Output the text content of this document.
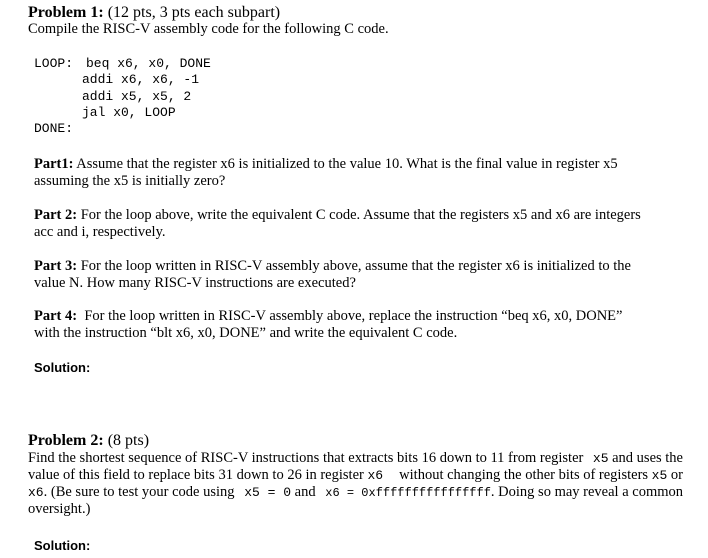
Problem 1: (12 pts, 3 pts each subpart)
Compile the RISC-V assembly code for the following C code.
LOOP: beq x6, x0, DONE
addi x6, x6, -1
addi x5, x5, 2
jal x0, LOOP
DONE:
Part1: Assume that the register x6 is initialized to the value 10. What is the final value in register x5
assuming the x5 is initially zero?
Part 2: For the loop above, write the equivalent C code. Assume that the registers x5 and x6 are integers
acc and i, respectively.
Part 3: For the loop written in RISC-V assembly above, assume that the register x6 is initialized to the
value N. How many RISC-V instructions are executed?
Part 4:  For the loop written in RISC-V assembly above, replace the instruction “beq x6, x0, DONE”
with the instruction “blt x6, x0, DONE” and write the equivalent C code.
Solution:
Problem 2: (8 pts)
Find the shortest sequence of RISC-V instructions that extracts bits 16 down to 11 from register x5 and uses the
value of this field to replace bits 31 down to 26 in register x6 without changing the other bits of registers x5 or
x6. (Be sure to test your code using x5 = 0 and x6 = 0xffffffffffffffff. Doing so may reveal a common
oversight.)
Solution:
